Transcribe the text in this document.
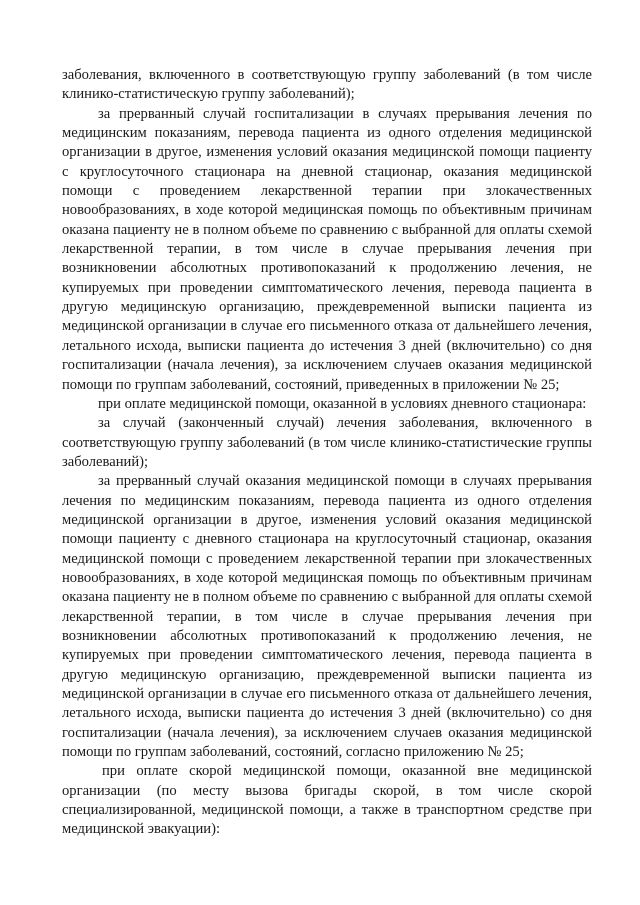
заболевания, включенного в соответствующую группу заболеваний (в том числе клинико-статистическую группу заболеваний);

за прерванный случай госпитализации в случаях прерывания лечения по медицинским показаниям, перевода пациента из одного отделения медицинской организации в другое, изменения условий оказания медицинской помощи пациенту с круглосуточного стационара на дневной стационар, оказания медицинской помощи с проведением лекарственной терапии при злокачественных новообразованиях, в ходе которой медицинская помощь по объективным причинам оказана пациенту не в полном объеме по сравнению с выбранной для оплаты схемой лекарственной терапии, в том числе в случае прерывания лечения при возникновении абсолютных противопоказаний к продолжению лечения, не купируемых при проведении симптоматического лечения, перевода пациента в другую медицинскую организацию, преждевременной выписки пациента из медицинской организации в случае его письменного отказа от дальнейшего лечения, летального исхода, выписки пациента до истечения 3 дней (включительно) со дня госпитализации (начала лечения), за исключением случаев оказания медицинской помощи по группам заболеваний, состояний, приведенных в приложении № 25;

при оплате медицинской помощи, оказанной в условиях дневного стационара:

за случай (законченный случай) лечения заболевания, включенного в соответствующую группу заболеваний (в том числе клинико-статистические группы заболеваний);

за прерванный случай оказания медицинской помощи в случаях прерывания лечения по медицинским показаниям, перевода пациента из одного отделения медицинской организации в другое, изменения условий оказания медицинской помощи пациенту с дневного стационара на круглосуточный стационар, оказания медицинской помощи с проведением лекарственной терапии при злокачественных новообразованиях, в ходе которой медицинская помощь по объективным причинам оказана пациенту не в полном объеме по сравнению с выбранной для оплаты схемой лекарственной терапии, в том числе в случае прерывания лечения при возникновении абсолютных противопоказаний к продолжению лечения, не купируемых при проведении симптоматического лечения, перевода пациента в другую медицинскую организацию, преждевременной выписки пациента из медицинской организации в случае его письменного отказа от дальнейшего лечения, летального исхода, выписки пациента до истечения 3 дней (включительно) со дня госпитализации (начала лечения), за исключением случаев оказания медицинской помощи по группам заболеваний, состояний, согласно приложению № 25;

при оплате скорой медицинской помощи, оказанной вне медицинской организации (по месту вызова бригады скорой, в том числе скорой специализированной, медицинской помощи, а также в транспортном средстве при медицинской эвакуации):
